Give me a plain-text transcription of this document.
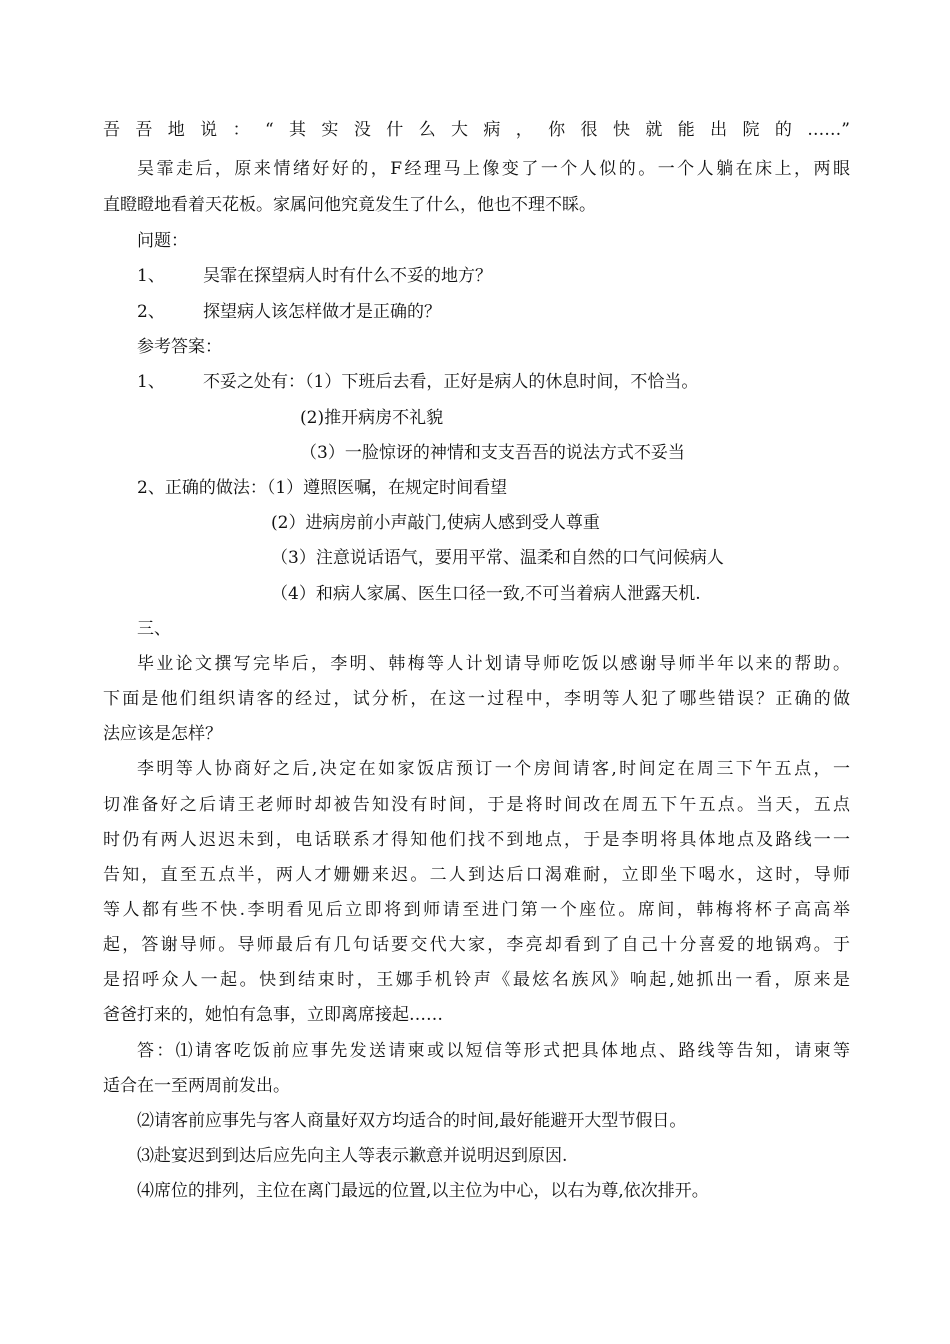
吾吾地说：“其实没什么大病，你很快就能出院的……”
吴霏走后，原来情绪好好的，F经理马上像变了一个人似的。一个人躺在床上，两眼
直瞪瞪地看着天花板。家属问他究竟发生了什么，他也不理不睬。
问题：
1、 吴霏在探望病人时有什么不妥的地方？
2、 探望病人该怎样做才是正确的？
参考答案：
1、 不妥之处有：（1）下班后去看，正好是病人的休息时间，不恰当。
(2)推开病房不礼貌
（3）一脸惊讶的神情和支支吾吾的说法方式不妥当
2、正确的做法：（1）遵照医嘱，在规定时间看望
(2）进病房前小声敲门,使病人感到受人尊重
（3）注意说话语气，要用平常、温柔和自然的口气问候病人
（4）和病人家属、医生口径一致,不可当着病人泄露天机.
三、
毕业论文撰写完毕后，李明、韩梅等人计划请导师吃饭以感谢导师半年以来的帮助。
下面是他们组织请客的经过，试分析，在这一过程中，李明等人犯了哪些错误？正确的做
法应该是怎样？
李明等人协商好之后,决定在如家饭店预订一个房间请客,时间定在周三下午五点，一
切准备好之后请王老师时却被告知没有时间，于是将时间改在周五下午五点。当天，五点
时仍有两人迟迟未到，电话联系才得知他们找不到地点，于是李明将具体地点及路线一一
告知，直至五点半，两人才姗姗来迟。二人到达后口渴难耐，立即坐下喝水，这时，导师
等人都有些不快.李明看见后立即将到师请至进门第一个座位。席间，韩梅将杯子高高举
起，答谢导师。导师最后有几句话要交代大家，李亮却看到了自己十分喜爱的地锅鸡。于
是招呼众人一起。快到结束时，王娜手机铃声《最炫名族风》响起,她抓出一看，原来是
爸爸打来的，她怕有急事，立即离席接起……
答：⑴请客吃饭前应事先发送请柬或以短信等形式把具体地点、路线等告知，请柬等
适合在一至两周前发出。
⑵请客前应事先与客人商量好双方均适合的时间,最好能避开大型节假日。
⑶赴宴迟到到达后应先向主人等表示歉意并说明迟到原因.
⑷席位的排列，主位在离门最远的位置,以主位为中心，以右为尊,依次排开。
